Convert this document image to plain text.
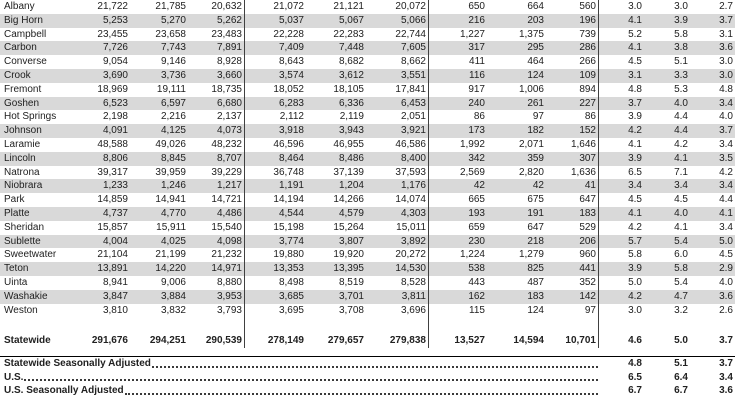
Albany	21,722	21,785	20,632	21,072	21,121	20,072	650	664	560	3.0	3.0	2.7
Big Horn	5,253	5,270	5,262	5,037	5,067	5,066	216	203	196	4.1	3.9	3.7
Campbell	23,455	23,658	23,483	22,228	22,283	22,744	1,227	1,375	739	5.2	5.8	3.1
Carbon	7,726	7,743	7,891	7,409	7,448	7,605	317	295	286	4.1	3.8	3.6
Converse	9,054	9,146	8,928	8,643	8,682	8,662	411	464	266	4.5	5.1	3.0
Crook	3,690	3,736	3,660	3,574	3,612	3,551	116	124	109	3.1	3.3	3.0
Fremont	18,969	19,111	18,735	18,052	18,105	17,841	917	1,006	894	4.8	5.3	4.8
Goshen	6,523	6,597	6,680	6,283	6,336	6,453	240	261	227	3.7	4.0	3.4
Hot Springs	2,198	2,216	2,137	2,112	2,119	2,051	86	97	86	3.9	4.4	4.0
Johnson	4,091	4,125	4,073	3,918	3,943	3,921	173	182	152	4.2	4.4	3.7
Laramie	48,588	49,026	48,232	46,596	46,955	46,586	1,992	2,071	1,646	4.1	4.2	3.4
Lincoln	8,806	8,845	8,707	8,464	8,486	8,400	342	359	307	3.9	4.1	3.5
Natrona	39,317	39,959	39,229	36,748	37,139	37,593	2,569	2,820	1,636	6.5	7.1	4.2
Niobrara	1,233	1,246	1,217	1,191	1,204	1,176	42	42	41	3.4	3.4	3.4
Park	14,859	14,941	14,721	14,194	14,266	14,074	665	675	647	4.5	4.5	4.4
Platte	4,737	4,770	4,486	4,544	4,579	4,303	193	191	183	4.1	4.0	4.1
Sheridan	15,857	15,911	15,540	15,198	15,264	15,011	659	647	529	4.2	4.1	3.4
Sublette	4,004	4,025	4,098	3,774	3,807	3,892	230	218	206	5.7	5.4	5.0
Sweetwater	21,104	21,199	21,232	19,880	19,920	20,272	1,224	1,279	960	5.8	6.0	4.5
Teton	13,891	14,220	14,971	13,353	13,395	14,530	538	825	441	3.9	5.8	2.9
Uinta	8,941	9,006	8,880	8,498	8,519	8,528	443	487	352	5.0	5.4	4.0
Washakie	3,847	3,884	3,953	3,685	3,701	3,811	162	183	142	4.2	4.7	3.6
Weston	3,810	3,832	3,793	3,695	3,708	3,696	115	124	97	3.0	3.2	2.6
Statewide	291,676	294,251	290,539	278,149	279,657	279,838	13,527	14,594	10,701	4.6	5.0	3.7
Statewide Seasonally Adjusted	4.8	5.1	3.7
U.S.	6.5	6.4	3.4
U.S. Seasonally Adjusted	6.7	6.7	3.6
